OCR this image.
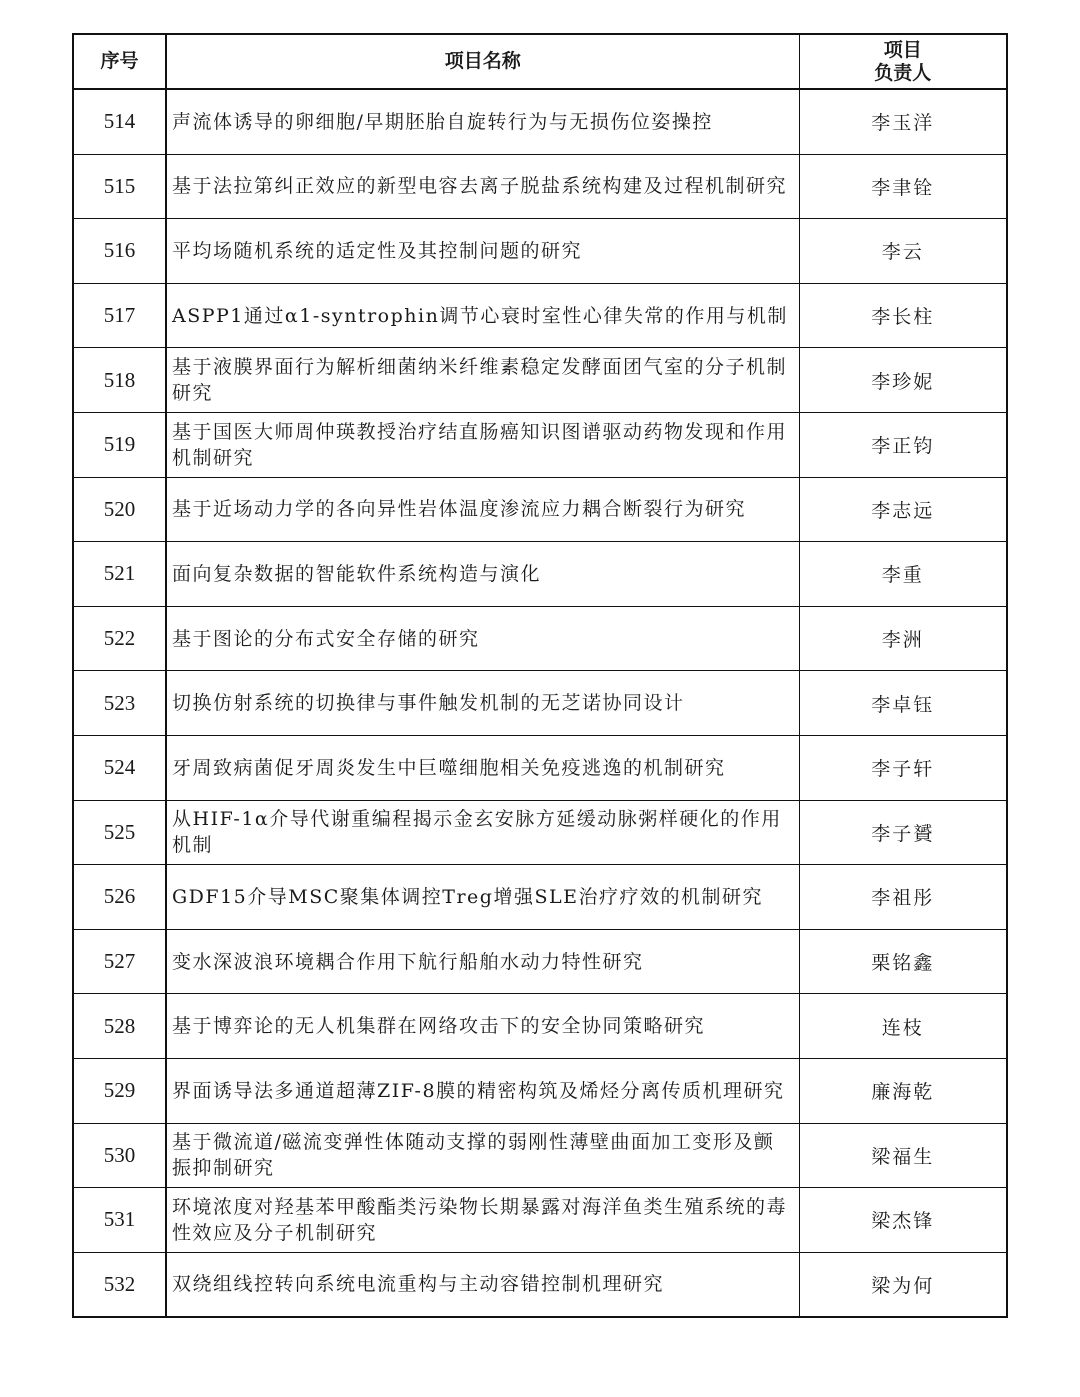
序号	项目名称	项目
负责人

514	声流体诱导的卵细胞/早期胚胎自旋转行为与无损伤位姿操控	李玉洋
515	基于法拉第纠正效应的新型电容去离子脱盐系统构建及过程机制研究	李聿铨
516	平均场随机系统的适定性及其控制问题的研究	李云
517	ASPP1通过α1-syntrophin调节心衰时室性心律失常的作用与机制	李长柱
518	基于液膜界面行为解析细菌纳米纤维素稳定发酵面团气室的分子机制研究	李珍妮
519	基于国医大师周仲瑛教授治疗结直肠癌知识图谱驱动药物发现和作用机制研究	李正钧
520	基于近场动力学的各向异性岩体温度渗流应力耦合断裂行为研究	李志远
521	面向复杂数据的智能软件系统构造与演化	李重
522	基于图论的分布式安全存储的研究	李洲
523	切换仿射系统的切换律与事件触发机制的无芝诺协同设计	李卓钰
524	牙周致病菌促牙周炎发生中巨噬细胞相关免疫逃逸的机制研究	李子轩
525	从HIF-1α介导代谢重编程揭示金玄安脉方延缓动脉粥样硬化的作用机制	李子贇
526	GDF15介导MSC聚集体调控Treg增强SLE治疗疗效的机制研究	李祖彤
527	变水深波浪环境耦合作用下航行船舶水动力特性研究	栗铭鑫
528	基于博弈论的无人机集群在网络攻击下的安全协同策略研究	连枝
529	界面诱导法多通道超薄ZIF-8膜的精密构筑及烯烃分离传质机理研究	廉海乾
530	基于微流道/磁流变弹性体随动支撑的弱刚性薄壁曲面加工变形及颤振抑制研究	梁福生
531	环境浓度对羟基苯甲酸酯类污染物长期暴露对海洋鱼类生殖系统的毒性效应及分子机制研究	梁杰锋
532	双绕组线控转向系统电流重构与主动容错控制机理研究	梁为何
